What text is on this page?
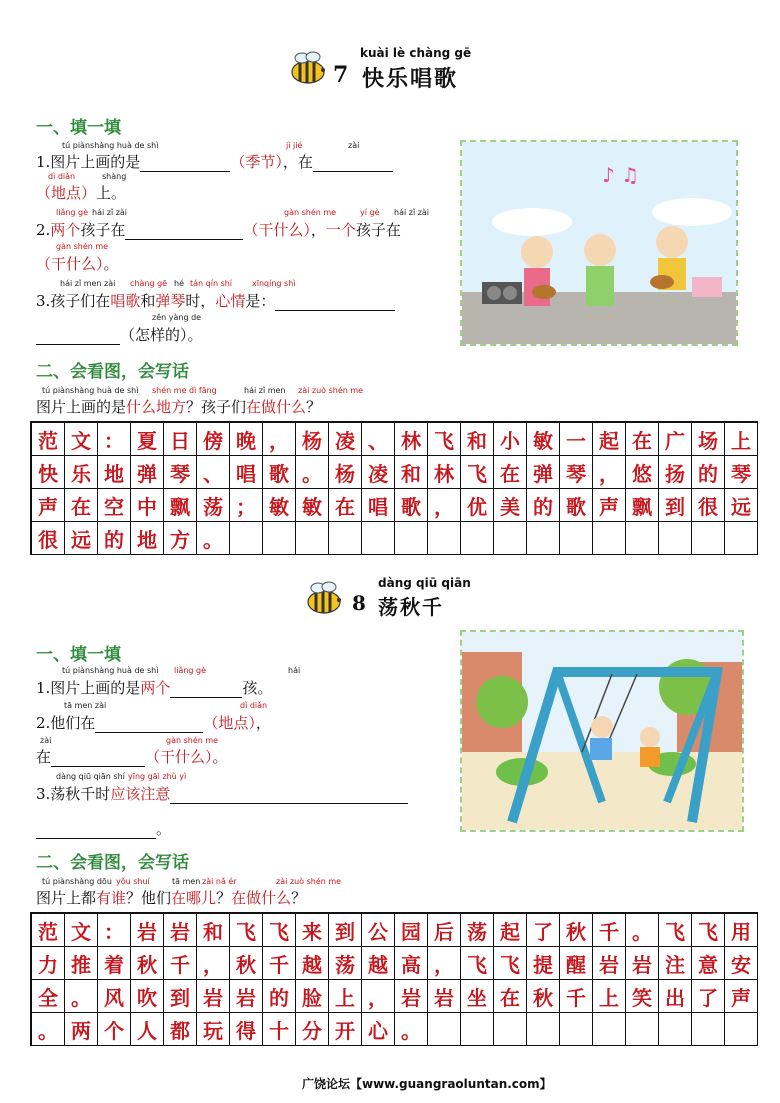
kuài lè chàng gē
7 快乐唱歌
一、填一填
tú piànshàng huà de shì	jì jié	zài
1.图片上画的是	（季节），在
dì diǎn	shàng
（地点）上。
liǎng gè hái zǐ zài	gàn shén me	yí gè hái zǐ zài
2.两个孩子在	（干什么），一个孩子在
gàn shén me
（干什么）。
hái zǐ men zài chàng gē hé tán qín shí xīnqíng shì
3.孩子们在唱歌和弹琴时，心情是：
zěn yàng de
（怎样的）。
♪ ♫
二、会看图，会写话
tú piànshàng huà de shì shén me dì fāng	hái zǐ men zài zuò shén me
图片上画的是什么地方？孩子们在做什么？
范 文 ： 夏 日 傍 晚 ， 杨 凌 、 林 飞 和 小 敏 一 起 在 广 场 上
快 乐 地 弹 琴 、 唱 歌 。 杨 凌 和 林 飞 在 弹 琴 ， 悠 扬 的 琴
声 在 空 中 飘 荡 ； 敏 敏 在 唱 歌 ， 优 美 的 歌 声 飘 到 很 远
很 远 的 地 方 。
dàng qiū qiān
8 荡秋千
一、填一填
tú piànshàng huà de shì liǎng gè	hái
1.图片上画的是两个	孩。
tā men zài	dì diǎn
2.他们在	（地点），
zài	gàn shén me
在	（干什么）。
dàng qiū qiān shí yīng gāi zhù yì
3.荡秋千时应该注意
。
二、会看图，会写话
tú piànshàng dōu yǒu shuí	tā men zài nǎ ér	zài zuò shén me
图片上都有谁？他们在哪儿？在做什么？
范 文 ： 岩 岩 和 飞 飞 来 到 公 园 后 荡 起 了 秋 千 。 飞 飞 用
力 推 着 秋 千 ， 秋 千 越 荡 越 高 ， 飞 飞 提 醒 岩 岩 注 意 安
全 。 风 吹 到 岩 岩 的 脸 上 ， 岩 岩 坐 在 秋 千 上 笑 出 了 声
。 两 个 人 都 玩 得 十 分 开 心 。
广饶论坛【www.guangraoluntan.com】
